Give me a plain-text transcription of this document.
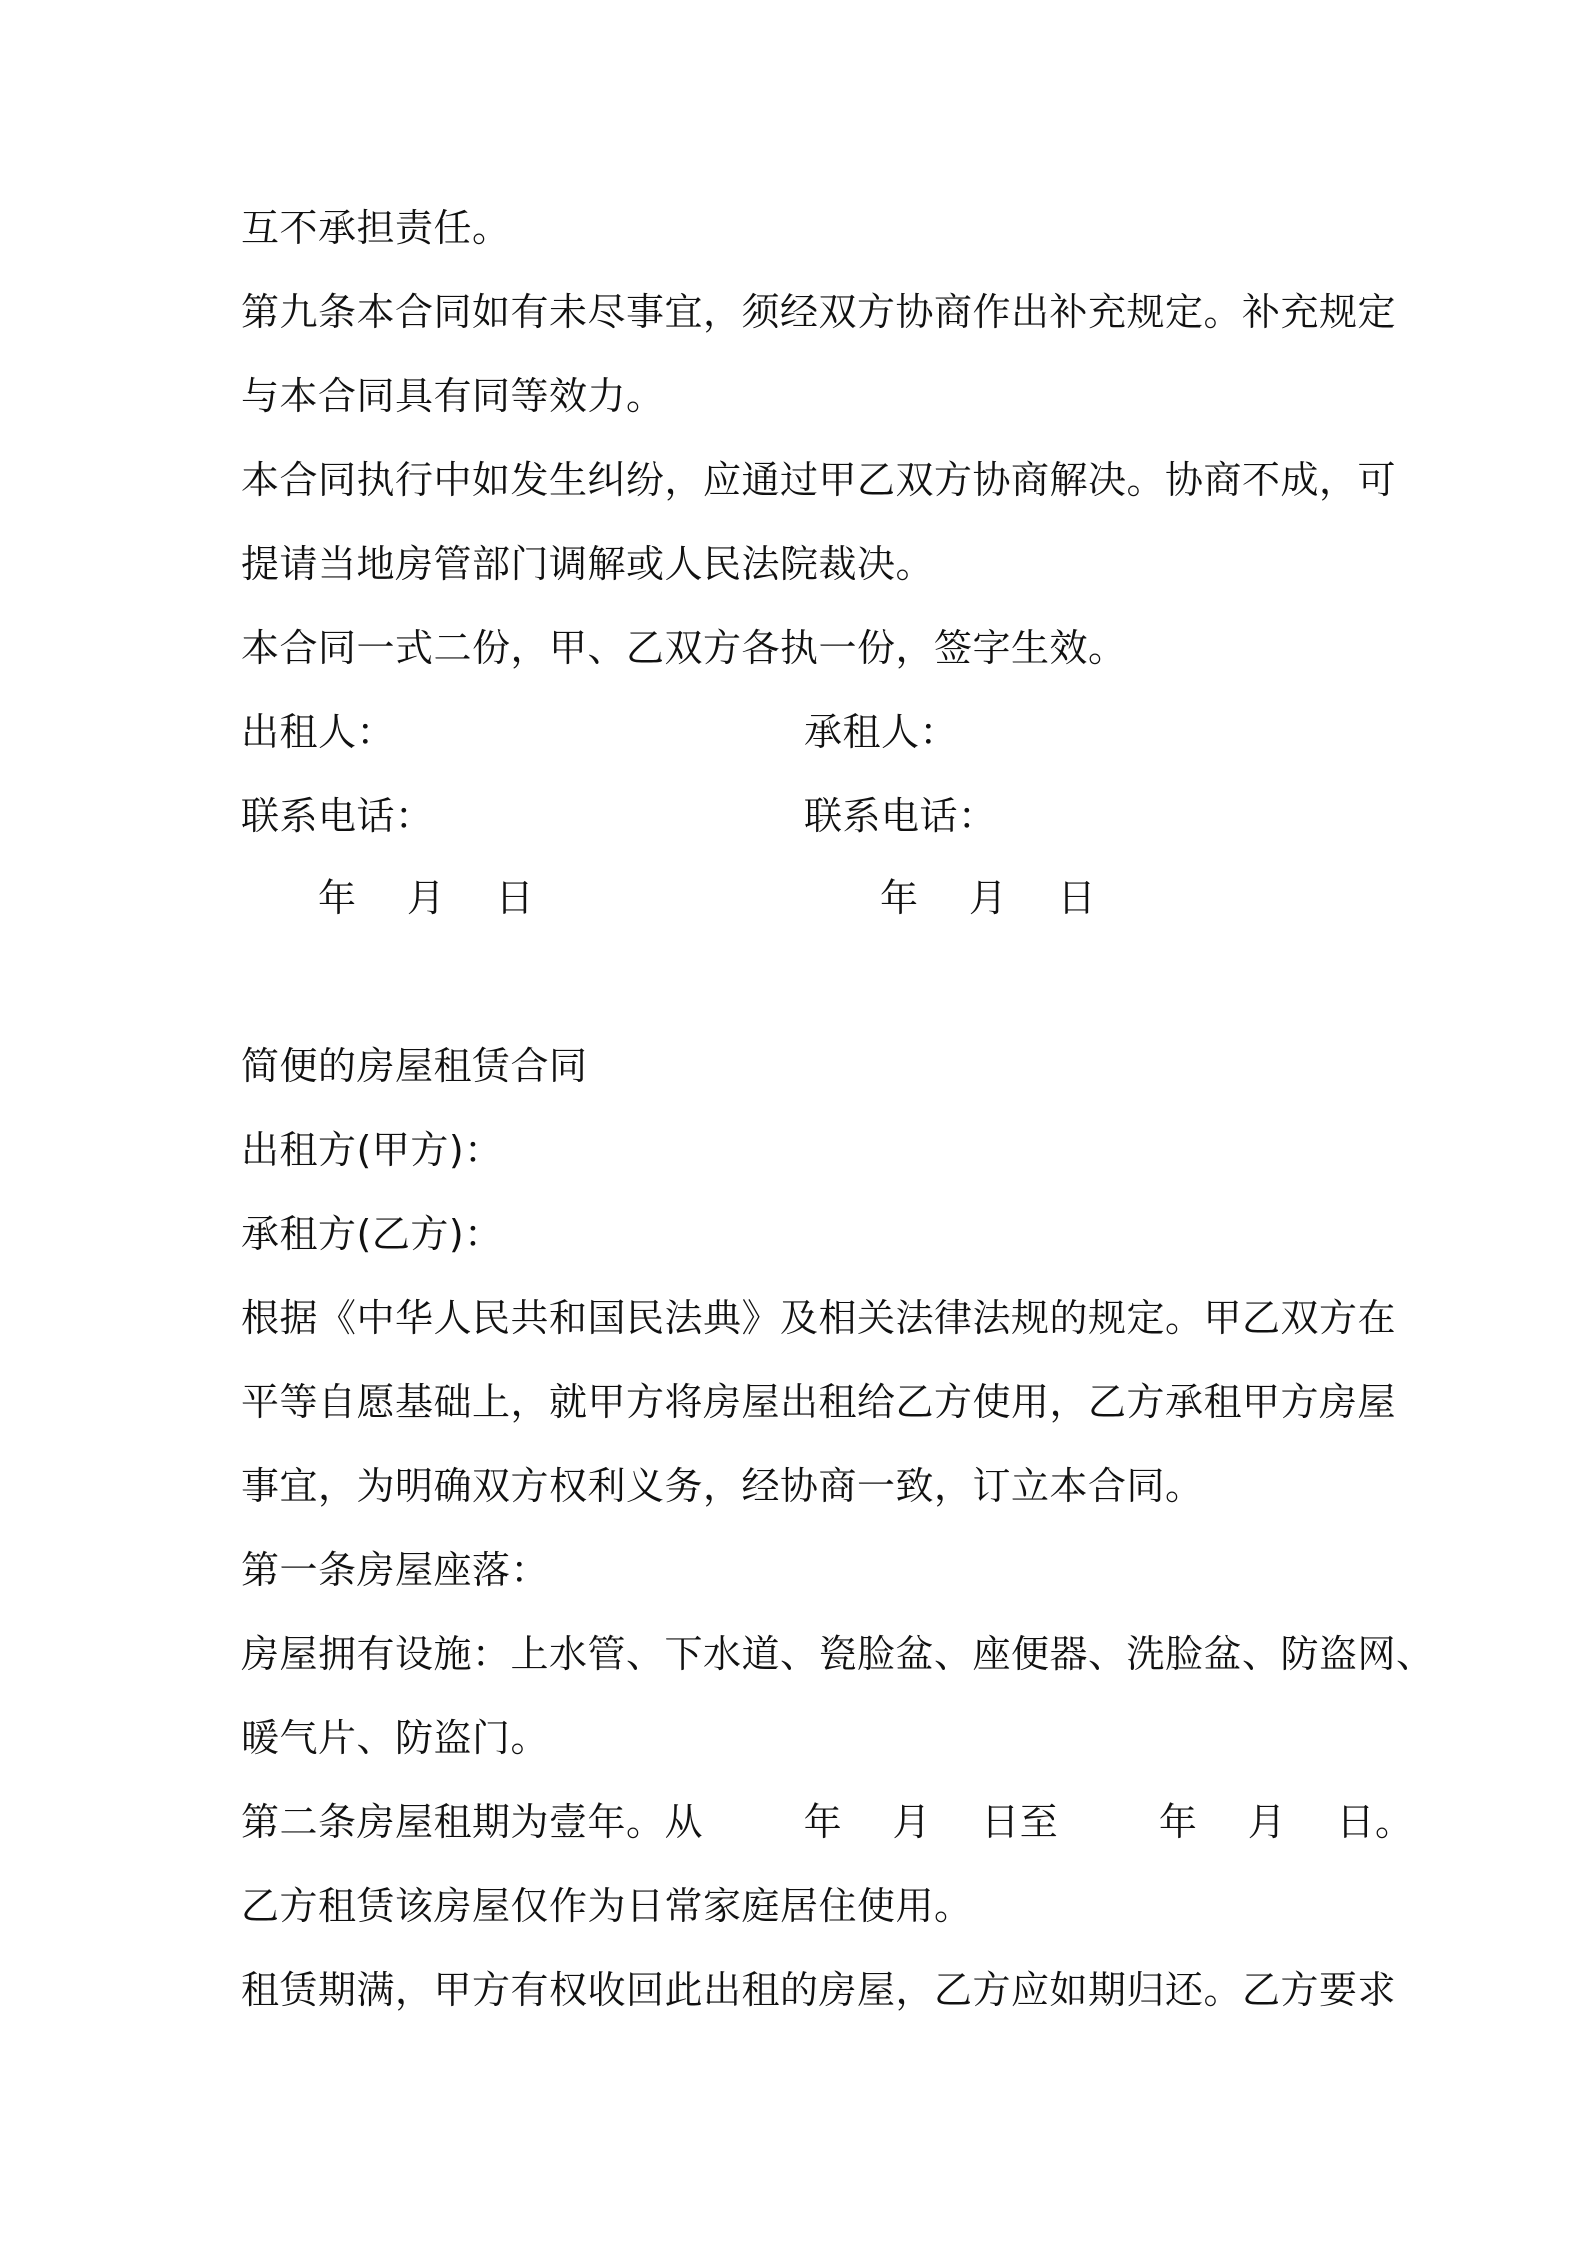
互不承担责任。
第九条本合同如有未尽事宜，须经双方协商作出补充规定。补充规定
与本合同具有同等效力。
本合同执行中如发生纠纷，应通过甲乙双方协商解决。协商不成，可
提请当地房管部门调解或人民法院裁决。
本合同一式二份，甲、乙双方各执一份，签字生效。
出租人：	承租人：
联系电话：	联系电话：
年    月    日	年    月    日
简便的房屋租赁合同
出租方(甲方)：
承租方(乙方)：
根据《中华人民共和国民法典》及相关法律法规的规定。甲乙双方在
平等自愿基础上，就甲方将房屋出租给乙方使用，乙方承租甲方房屋
事宜，为明确双方权利义务，经协商一致，订立本合同。
第一条房屋座落：
房屋拥有设施：上水管、下水道、瓷脸盆、座便器、洗脸盆、防盗网、
暖气片、防盗门。
第二条房屋租期为壹年。从        年    月    日至        年    月    日。
乙方租赁该房屋仅作为日常家庭居住使用。
租赁期满，甲方有权收回此出租的房屋，乙方应如期归还。乙方要求
